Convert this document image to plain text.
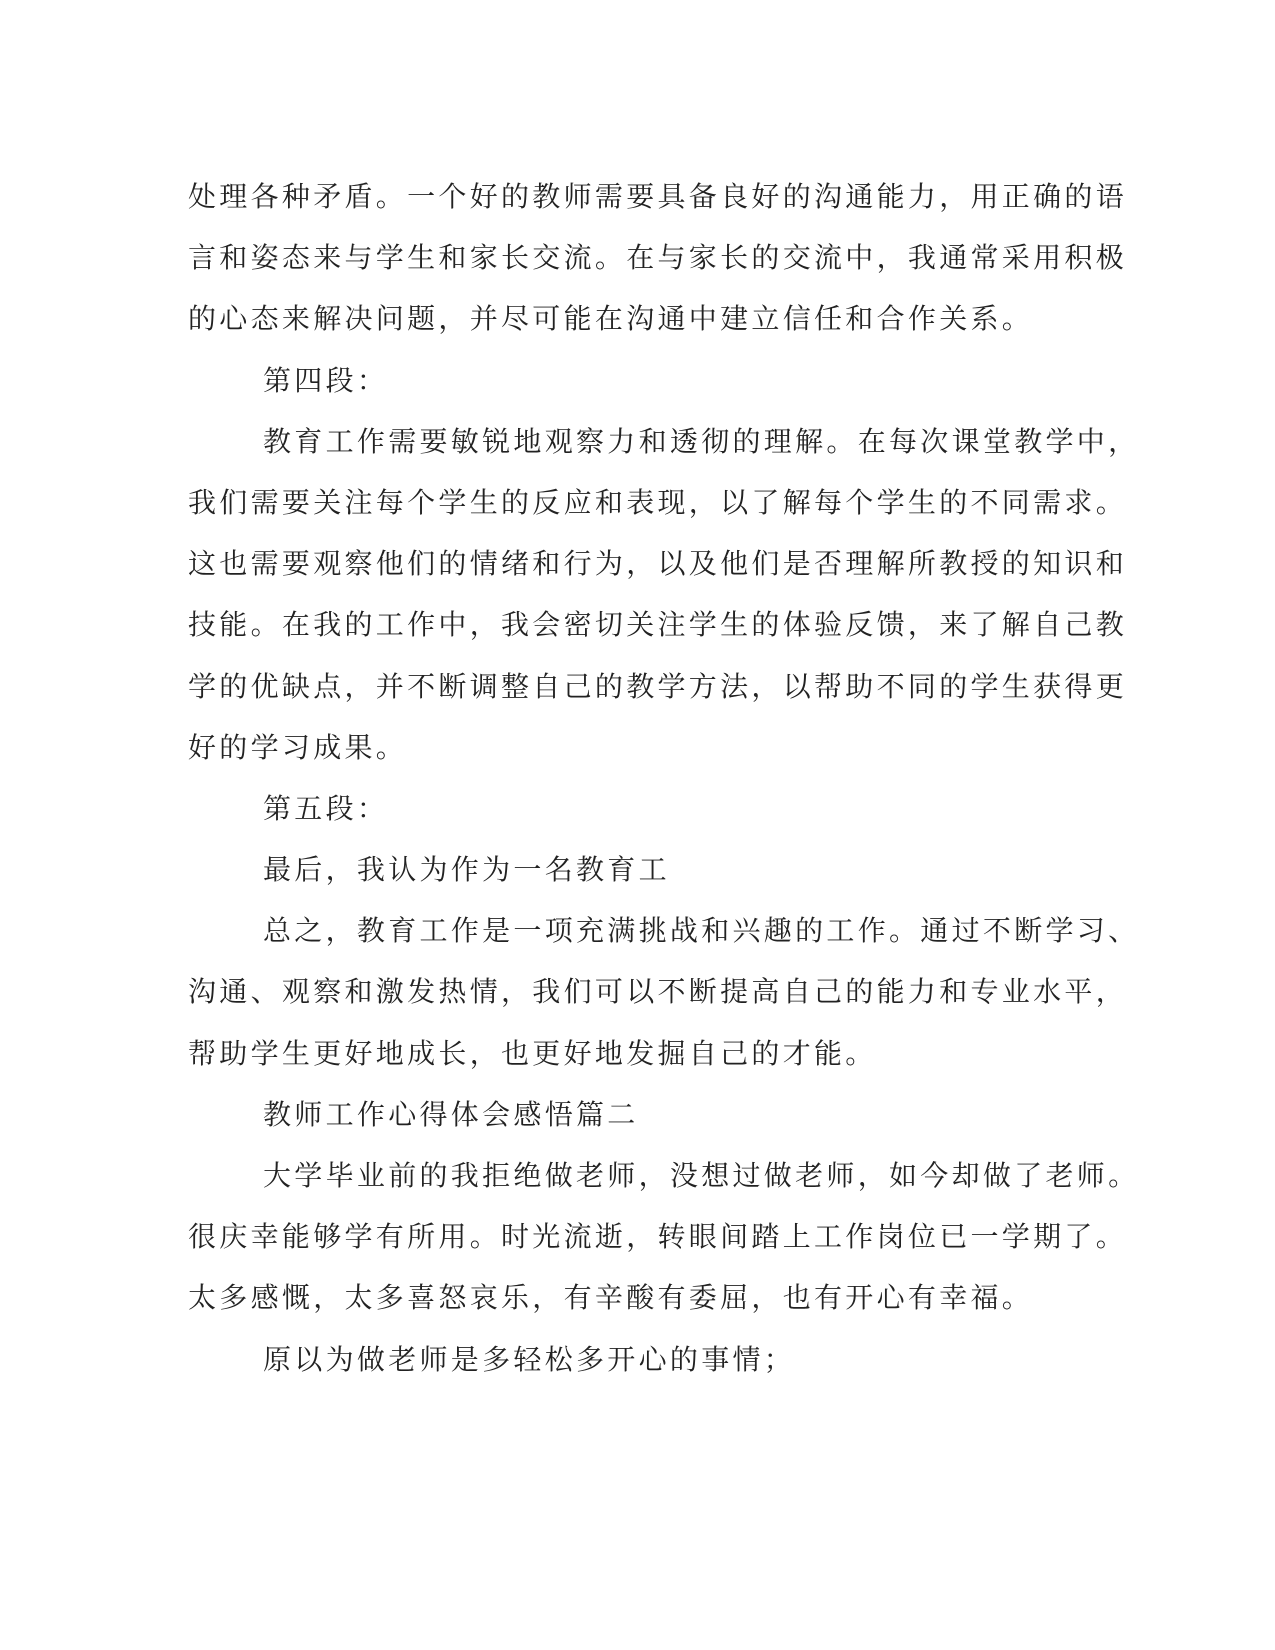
处理各种矛盾。一个好的教师需要具备良好的沟通能力，用正确的语

言和姿态来与学生和家长交流。在与家长的交流中，我通常采用积极

的心态来解决问题，并尽可能在沟通中建立信任和合作关系。

第四段：

教育工作需要敏锐地观察力和透彻的理解。在每次课堂教学中，

我们需要关注每个学生的反应和表现，以了解每个学生的不同需求。

这也需要观察他们的情绪和行为，以及他们是否理解所教授的知识和

技能。在我的工作中，我会密切关注学生的体验反馈，来了解自己教

学的优缺点，并不断调整自己的教学方法，以帮助不同的学生获得更

好的学习成果。

第五段：

最后，我认为作为一名教育工

总之，教育工作是一项充满挑战和兴趣的工作。通过不断学习、

沟通、观察和激发热情，我们可以不断提高自己的能力和专业水平，

帮助学生更好地成长，也更好地发掘自己的才能。

教师工作心得体会感悟篇二

大学毕业前的我拒绝做老师，没想过做老师，如今却做了老师。

很庆幸能够学有所用。时光流逝，转眼间踏上工作岗位已一学期了。

太多感慨，太多喜怒哀乐，有辛酸有委屈，也有开心有幸福。

原以为做老师是多轻松多开心的事情；
